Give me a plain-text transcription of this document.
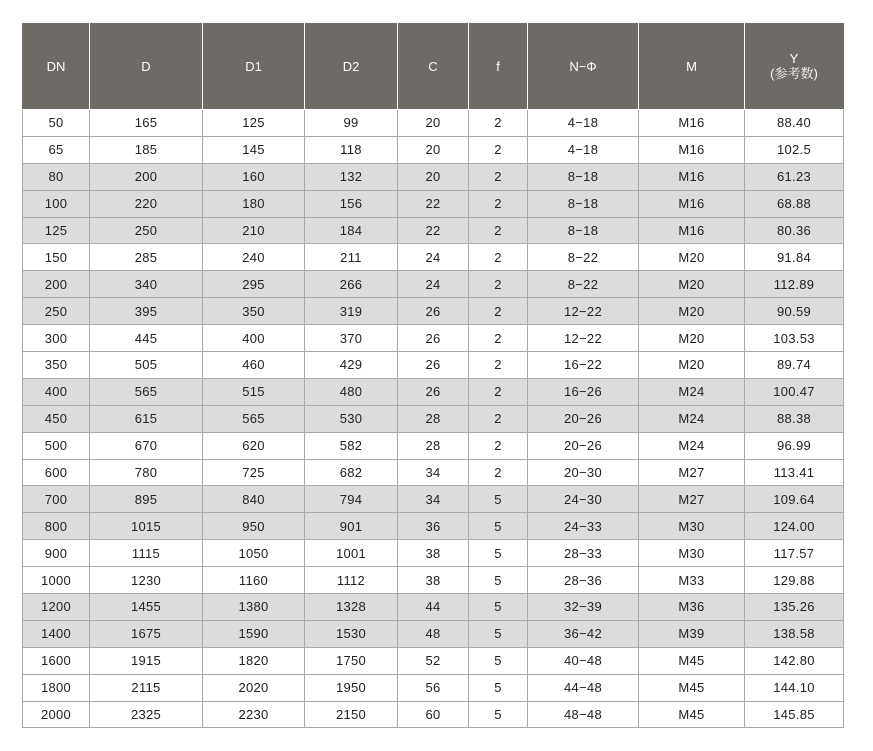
DN	D	D1	D2	C	f	N−Φ	M	Y
(参考数)

50	165	125	99	20	2	4−18	M16	88.40
65	185	145	118	20	2	4−18	M16	102.5
80	200	160	132	20	2	8−18	M16	61.23
100	220	180	156	22	2	8−18	M16	68.88
125	250	210	184	22	2	8−18	M16	80.36
150	285	240	211	24	2	8−22	M20	91.84
200	340	295	266	24	2	8−22	M20	112.89
250	395	350	319	26	2	12−22	M20	90.59
300	445	400	370	26	2	12−22	M20	103.53
350	505	460	429	26	2	16−22	M20	89.74
400	565	515	480	26	2	16−26	M24	100.47
450	615	565	530	28	2	20−26	M24	88.38
500	670	620	582	28	2	20−26	M24	96.99
600	780	725	682	34	2	20−30	M27	113.41
700	895	840	794	34	5	24−30	M27	109.64
800	1015	950	901	36	5	24−33	M30	124.00
900	1115	1050	1001	38	5	28−33	M30	117.57
1000	1230	1160	1112	38	5	28−36	M33	129.88
1200	1455	1380	1328	44	5	32−39	M36	135.26
1400	1675	1590	1530	48	5	36−42	M39	138.58
1600	1915	1820	1750	52	5	40−48	M45	142.80
1800	2115	2020	1950	56	5	44−48	M45	144.10
2000	2325	2230	2150	60	5	48−48	M45	145.85
